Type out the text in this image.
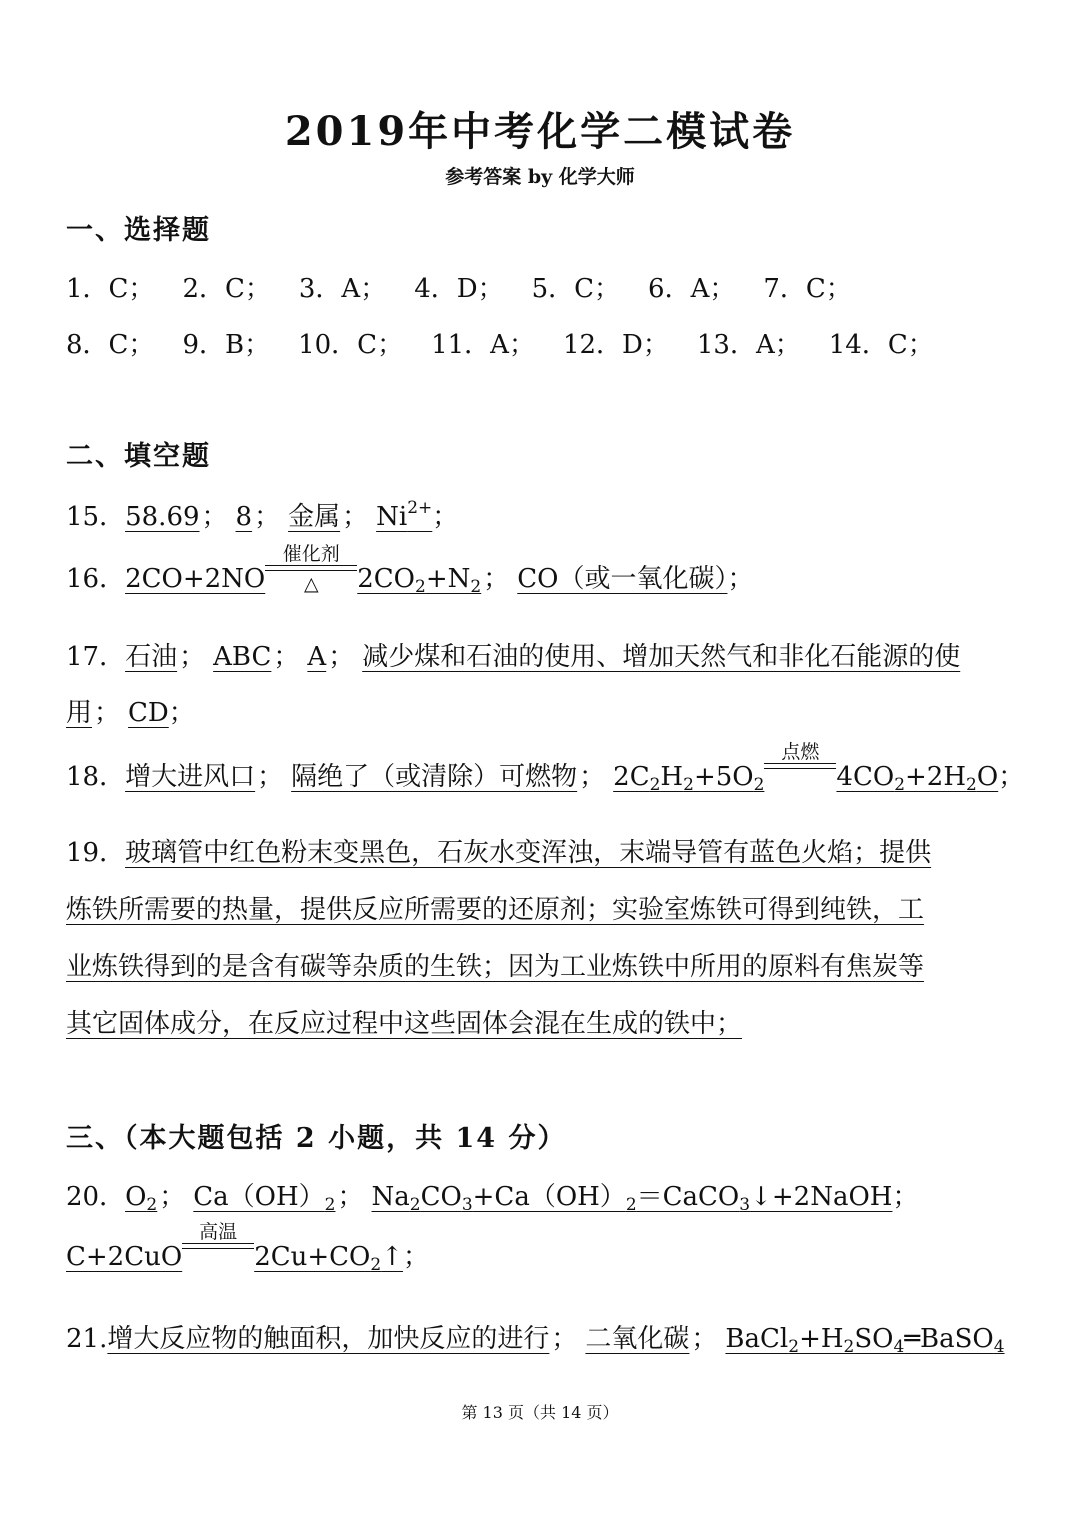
2019年中考化学二模试卷
参考答案 by 化学大师
一、选择题
1．C； 2．C； 3．A； 4．D； 5．C； 6．A； 7．C；
8．C； 9．B； 10．C； 11．A； 12．D； 13．A； 14．C；
二、填空题
15．58.69； 8； 金属； $Ni^{2+}$；
16．2CO+2NO
催化剂
△	$2CO_2+N_2$； CO（或一氧化碳）；
17．石油； ABC； A； 减少煤和石油的使用、增加天然气和非化石能源的使
用； CD；
18．增大进风口； 隔绝了（或清除）可燃物； $2C_2H_2+5O_2$
点燃
$4CO_2+2H_2O$；
19．玻璃管中红色粉末变黑色，石灰水变浑浊，末端导管有蓝色火焰；提供
炼铁所需要的热量，提供反应所需要的还原剂；实验室炼铁可得到纯铁，工
业炼铁得到的是含有碳等杂质的生铁；因为工业炼铁中所用的原料有焦炭等
其它固体成分，在反应过程中这些固体会混在生成的铁中；
三、（本大题包括 2 小题，共 14 分）
20．$O_2$； $Ca(OH)_2$； $Na_2CO_3+Ca(OH)_2=CaCO_3↓+2NaOH$；
C+2CuO
高温
$2Cu+CO_2↑$；
21.增大反应物的触面积，加快反应的进行； 二氧化碳； $BaCl_2+H_2SO_4═BaSO_4$
第 13 页（共 14 页）
